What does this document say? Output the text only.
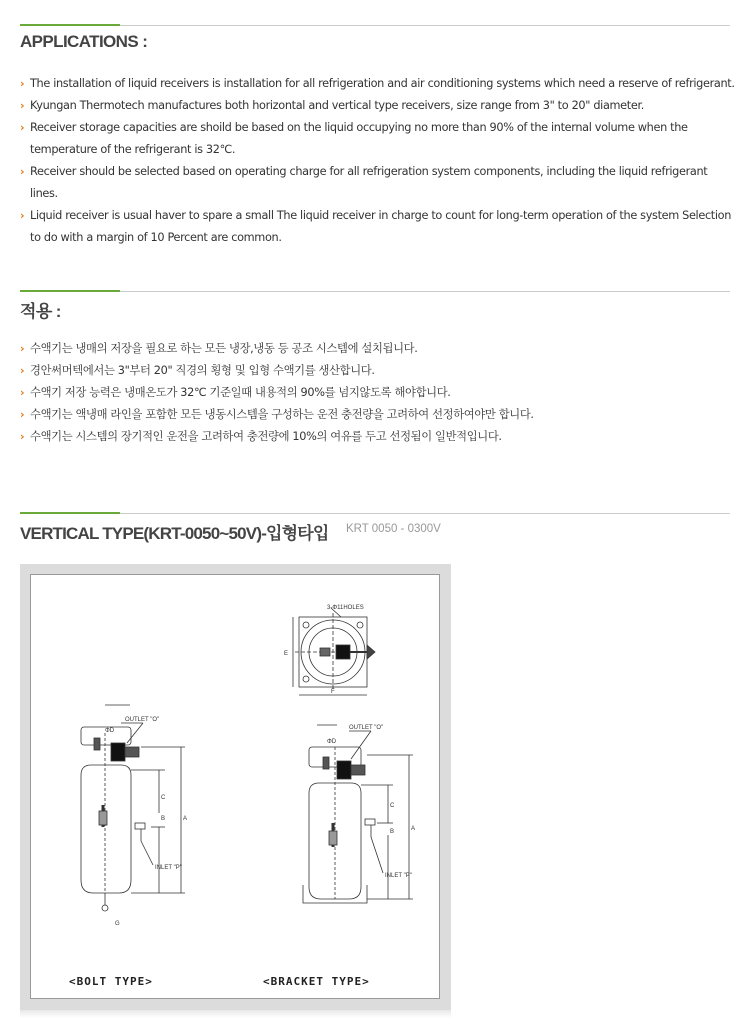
APPLICATIONS :
› The installation of liquid receivers is installation for all refrigeration and air conditioning systems which need a reserve of refrigerant.
› Kyungan Thermotech manufactures both horizontal and vertical type receivers, size range from 3" to 20" diameter.
› Receiver storage capacities are shoild be based on the liquid occupying no more than 90% of the internal volume when the temperature of the refrigerant is 32℃.
› Receiver should be selected based on operating charge for all refrigeration system components, including the liquid refrigerant lines.
› Liquid receiver is usual haver to spare a small The liquid receiver in charge to count for long-term operation of the system Selection to do with a margin of 10 Percent are common.
적용 :
› 수액기는 냉매의 저장을 필요로 하는 모든 냉장,냉동 등 공조 시스템에 설치됩니다.
› 경안써머텍에서는 3"부터 20" 직경의 횡형 및 입형 수액기를 생산합니다.
› 수액기 저장 능력은 냉매온도가 32℃ 기준일때 내용적의 90%를 넘지않도록 해야합니다.
› 수액기는 액냉매 라인을 포함한 모든 냉동시스템을 구성하는 운전 충전량을 고려하여 선정하여야만 합니다.
› 수액기는 시스템의 장기적인 운전을 고려하여 충전량에 10%의 여유를 두고 선정됨이 일반적입니다.
VERTICAL TYPE(KRT-0050~50V)-입형타입 KRT 0050 - 0300V
3-Φ11HOLES
E
F
OUTLET "O"
ΦD
INLET "P"
A
B
C
G
OUTLET "O"
ΦD
INLET "P"
A
B
C
<BOLT TYPE>	<BRACKET TYPE>
